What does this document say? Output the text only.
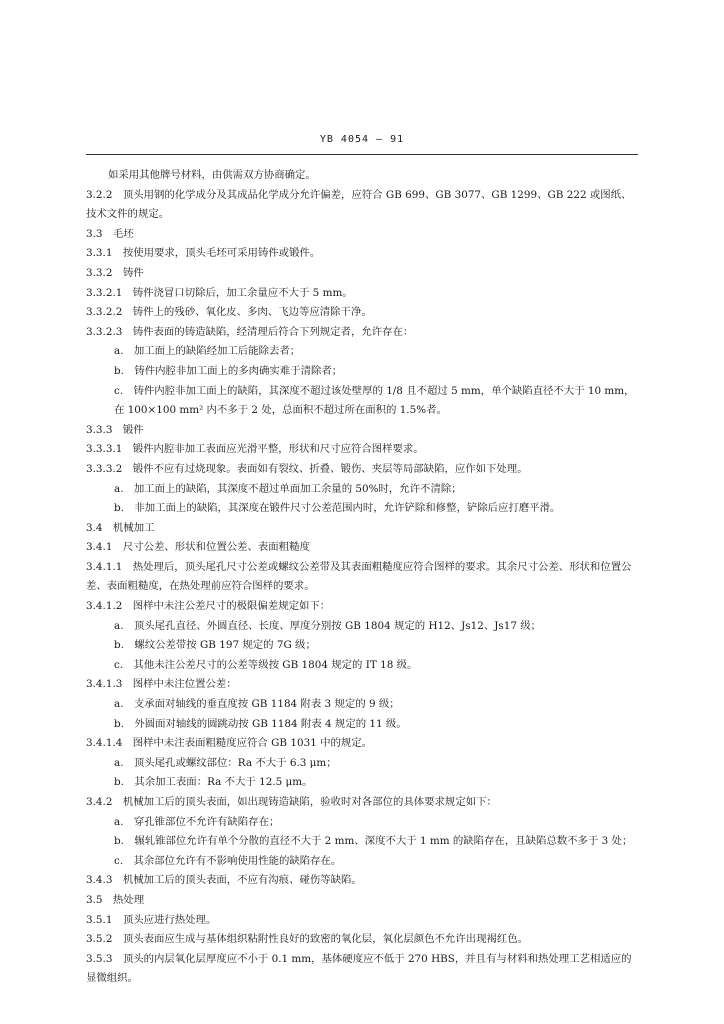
YB 4054 — 91
如采用其他牌号材料，由供需双方协商确定。
3.2.2　顶头用钢的化学成分及其成品化学成分允许偏差，应符合 GB 699、GB 3077、GB 1299、GB 222 或图纸、技术文件的规定。
3.3　毛坯
3.3.1　按使用要求，顶头毛坯可采用铸件或锻件。
3.3.2　铸件
3.3.2.1　铸件浇冒口切除后，加工余量应不大于 5 mm。
3.3.2.2　铸件上的残砂、氧化皮、多肉、飞边等应清除干净。
3.3.2.3　铸件表面的铸造缺陷，经清理后符合下列规定者，允许存在：
a.　加工面上的缺陷经加工后能除去者；
b.　铸件内腔非加工面上的多肉确实难于清除者；
c.　铸件内腔非加工面上的缺陷，其深度不超过该处壁厚的 1/8 且不超过 5 mm，单个缺陷直径不大于 10 mm，在 100×100 mm² 内不多于 2 处，总面积不超过所在面积的 1.5%者。
3.3.3　锻件
3.3.3.1　锻件内腔非加工表面应光滑平整，形状和尺寸应符合图样要求。
3.3.3.2　锻件不应有过烧现象。表面如有裂纹、折叠、锻伤、夹层等局部缺陷，应作如下处理。
a.　加工面上的缺陷，其深度不超过单面加工余量的 50%时，允许不清除；
b.　非加工面上的缺陷，其深度在锻件尺寸公差范围内时，允许铲除和修整，铲除后应打磨平滑。
3.4　机械加工
3.4.1　尺寸公差、形状和位置公差、表面粗糙度
3.4.1.1　热处理后，顶头尾孔尺寸公差或螺纹公差带及其表面粗糙度应符合图样的要求。其余尺寸公差、形状和位置公差、表面粗糙度，在热处理前应符合图样的要求。
3.4.1.2　图样中未注公差尺寸的极限偏差规定如下：
a.　顶头尾孔直径、外圆直径、长度、厚度分别按 GB 1804 规定的 H12、Js12、Js17 级；
b.　螺纹公差带按 GB 197 规定的 7G 级；
c.　其他未注公差尺寸的公差等级按 GB 1804 规定的 IT 18 级。
3.4.1.3　图样中未注位置公差：
a.　支承面对轴线的垂直度按 GB 1184 附表 3 规定的 9 级；
b.　外圆面对轴线的圆跳动按 GB 1184 附表 4 规定的 11 级。
3.4.1.4　图样中未注表面粗糙度应符合 GB 1031 中的规定。
a.　顶头尾孔或螺纹部位：Ra 不大于 6.3 μm；
b.　其余加工表面：Ra 不大于 12.5 μm。
3.4.2　机械加工后的顶头表面，如出现铸造缺陷，验收时对各部位的具体要求规定如下：
a.　穿孔锥部位不允许有缺陷存在；
b.　辗轧锥部位允许有单个分散的直径不大于 2 mm、深度不大于 1 mm 的缺陷存在，且缺陷总数不多于 3 处；
c.　其余部位允许有不影响使用性能的缺陷存在。
3.4.3　机械加工后的顶头表面，不应有沟痕、碰伤等缺陷。
3.5　热处理
3.5.1　顶头应进行热处理。
3.5.2　顶头表面应生成与基体组织粘附性良好的致密的氧化层，氧化层颜色不允许出现褐红色。
3.5.3　顶头的内层氧化层厚度应不小于 0.1 mm，基体硬度应不低于 270 HBS，并且有与材料和热处理工艺相适应的显微组织。
